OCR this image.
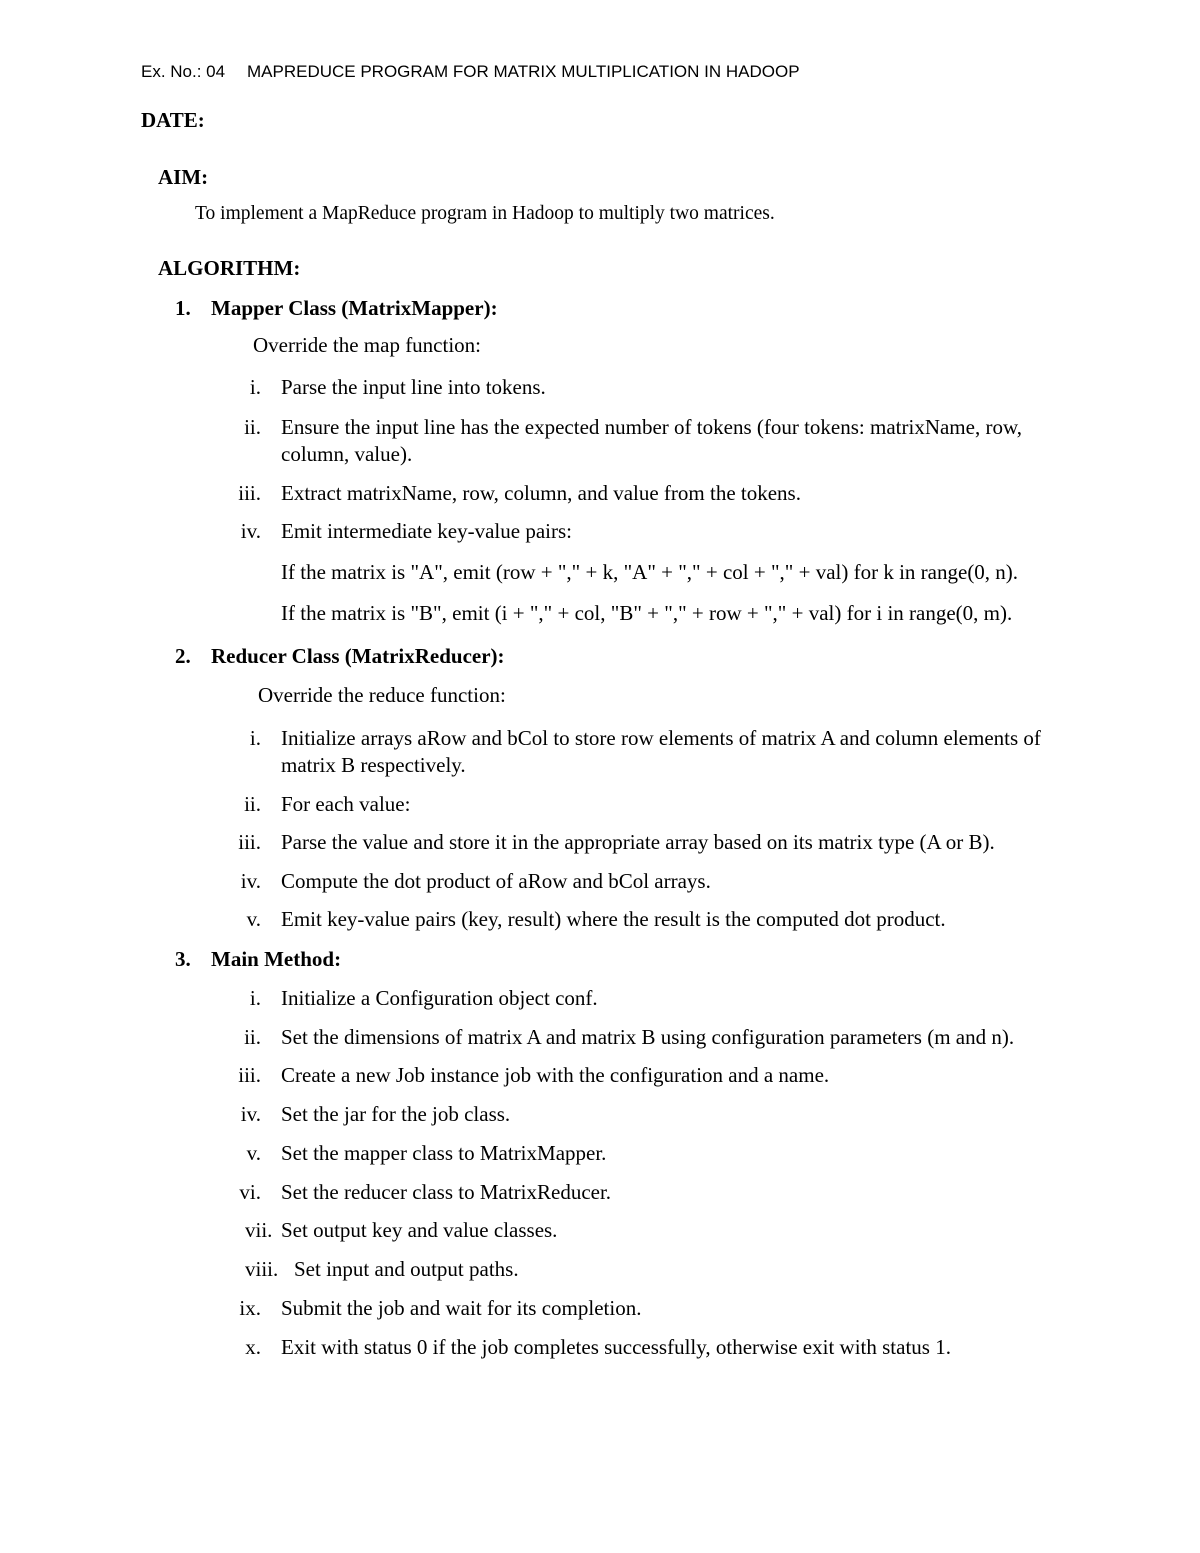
Ex. No.: 04 MAPREDUCE PROGRAM FOR MATRIX MULTIPLICATION IN HADOOP
DATE:
AIM:
To implement a MapReduce program in Hadoop to multiply two matrices.
ALGORITHM:
1. Mapper Class (MatrixMapper):
Override the map function:
i. Parse the input line into tokens.
ii. Ensure the input line has the expected number of tokens (four tokens: matrixName, row,
column, value).
iii. Extract matrixName, row, column, and value from the tokens.
iv. Emit intermediate key-value pairs:
If the matrix is "A", emit (row + "," + k, "A" + "," + col + "," + val) for k in range(0, n).
If the matrix is "B", emit (i + "," + col, "B" + "," + row + "," + val) for i in range(0, m).
2. Reducer Class (MatrixReducer):
Override the reduce function:
i. Initialize arrays aRow and bCol to store row elements of matrix A and column elements of
matrix B respectively.
ii. For each value:
iii. Parse the value and store it in the appropriate array based on its matrix type (A or B).
iv. Compute the dot product of aRow and bCol arrays.
v. Emit key-value pairs (key, result) where the result is the computed dot product.
3. Main Method:
i. Initialize a Configuration object conf.
ii. Set the dimensions of matrix A and matrix B using configuration parameters (m and n).
iii. Create a new Job instance job with the configuration and a name.
iv. Set the jar for the job class.
v. Set the mapper class to MatrixMapper.
vi. Set the reducer class to MatrixReducer.
vii. Set output key and value classes.
viii. Set input and output paths.
ix. Submit the job and wait for its completion.
x. Exit with status 0 if the job completes successfully, otherwise exit with status 1.
